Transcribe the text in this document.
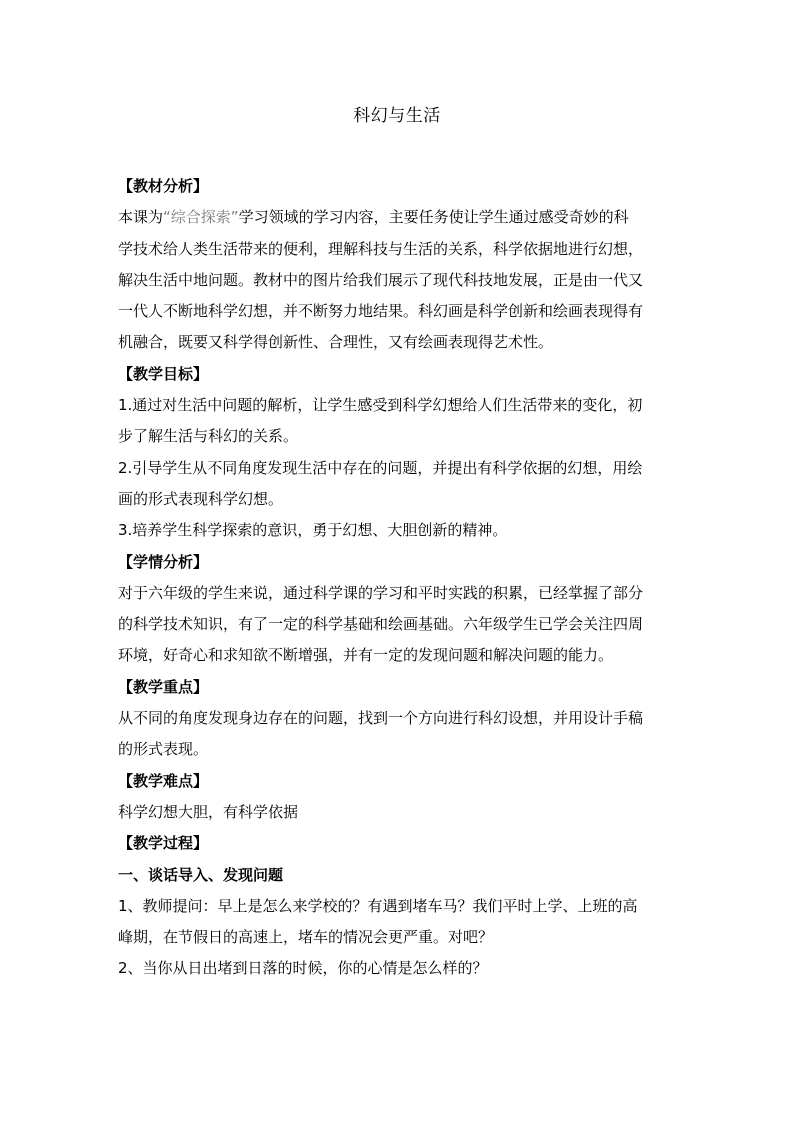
科幻与生活

【教材分析】

本课为“综合探索”学习领域的学习内容，主要任务使让学生通过感受奇妙的科

学技术给人类生活带来的便利，理解科技与生活的关系，科学依据地进行幻想，

解决生活中地问题。教材中的图片给我们展示了现代科技地发展，正是由一代又

一代人不断地科学幻想，并不断努力地结果。科幻画是科学创新和绘画表现得有

机融合，既要又科学得创新性、合理性，又有绘画表现得艺术性。

【教学目标】

1.通过对生活中问题的解析，让学生感受到科学幻想给人们生活带来的变化，初

步了解生活与科幻的关系。

2.引导学生从不同角度发现生活中存在的问题，并提出有科学依据的幻想，用绘

画的形式表现科学幻想。

3.培养学生科学探索的意识，勇于幻想、大胆创新的精神。

【学情分析】

对于六年级的学生来说，通过科学课的学习和平时实践的积累，已经掌握了部分

的科学技术知识，有了一定的科学基础和绘画基础。六年级学生已学会关注四周

环境，好奇心和求知欲不断增强，并有一定的发现问题和解决问题的能力。

【教学重点】

从不同的角度发现身边存在的问题，找到一个方向进行科幻设想，并用设计手稿

的形式表现。

【教学难点】

科学幻想大胆，有科学依据

【教学过程】

一、谈话导入、发现问题

1、教师提问：早上是怎么来学校的？有遇到堵车马？我们平时上学、上班的高

峰期，在节假日的高速上，堵车的情况会更严重。对吧？

2、当你从日出堵到日落的时候，你的心情是怎么样的？
